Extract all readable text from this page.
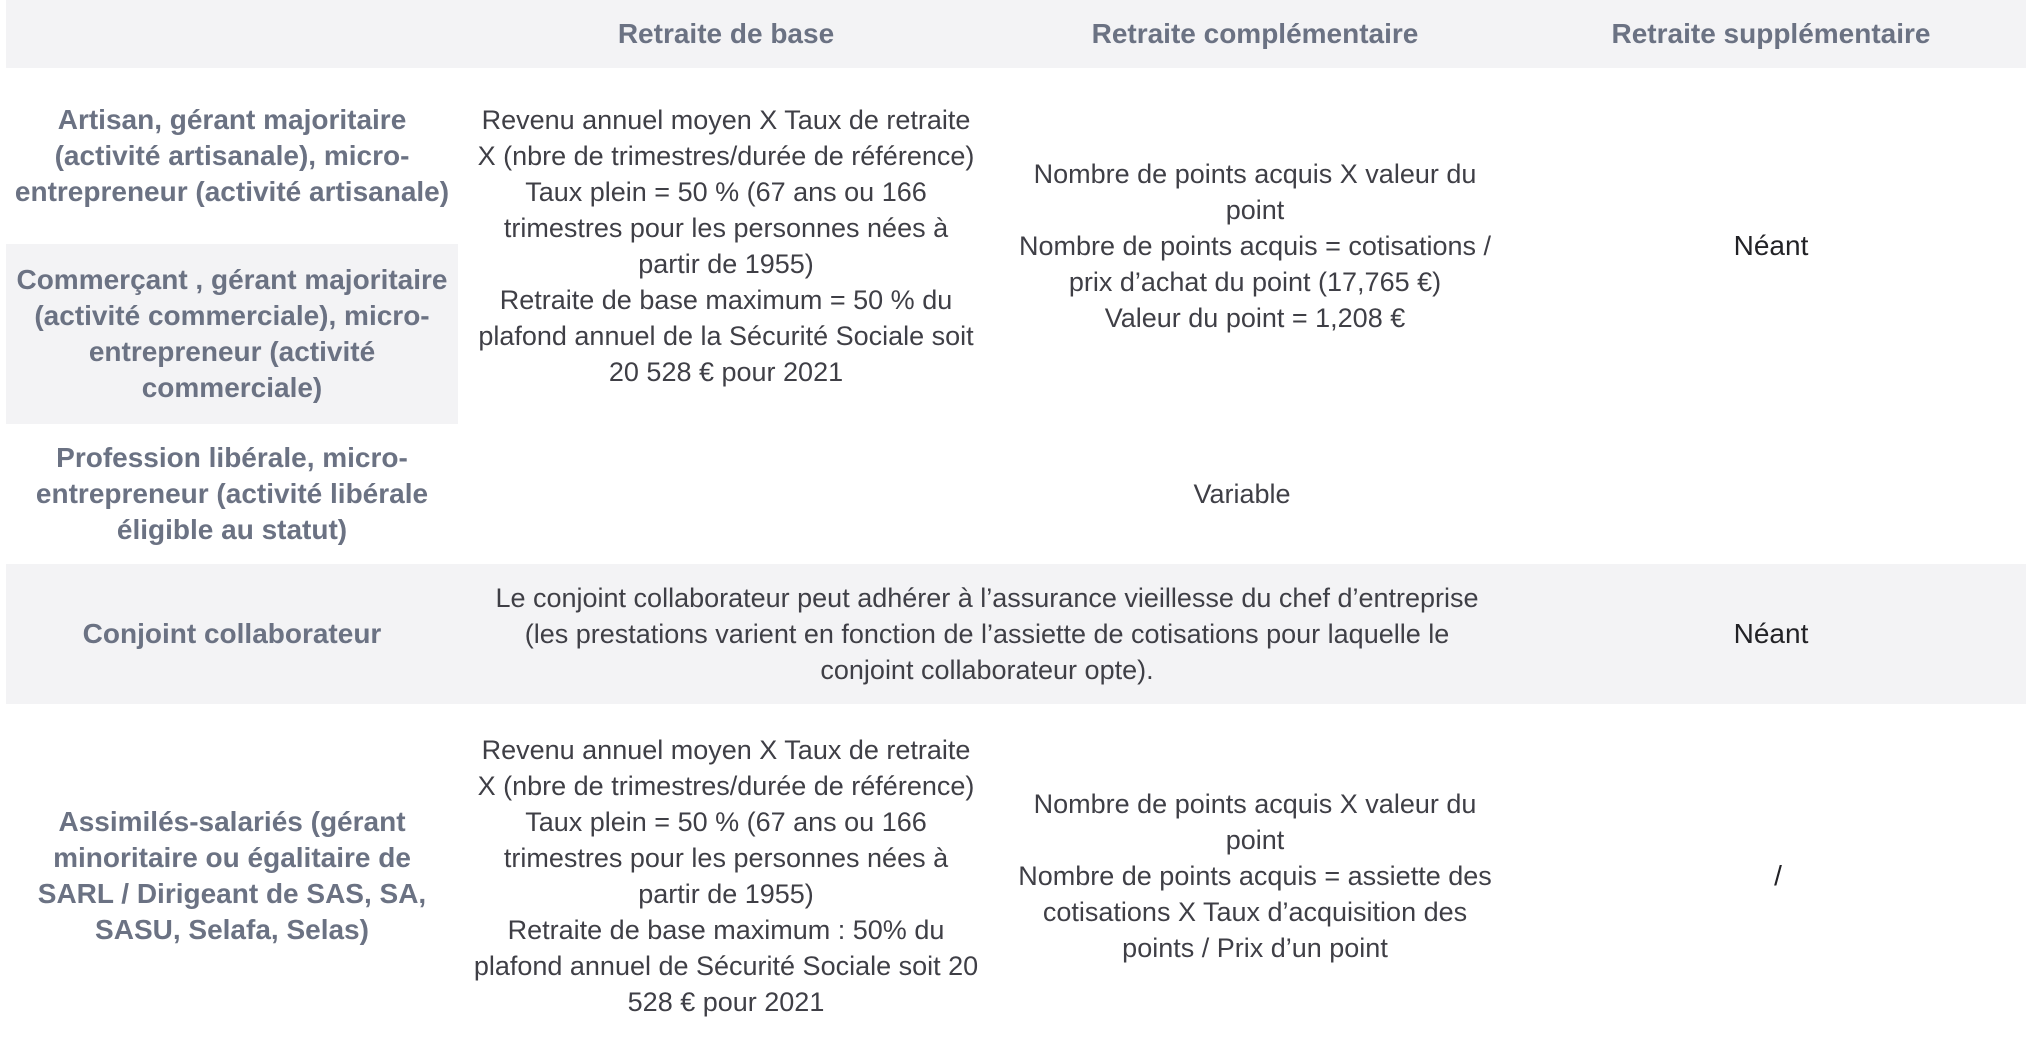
Retraite de base	Retraite complémentaire	Retraite supplémentaire
Artisan, gérant majoritaire (activité artisanale), micro-entrepreneur (activité artisanale)
Commerçant , gérant majoritaire (activité commerciale), micro-entrepreneur (activité commerciale)
Profession libérale, micro-entrepreneur (activité libérale éligible au statut)
Conjoint collaborateur
Assimilés-salariés (gérant minoritaire ou égalitaire de SARL / Dirigeant de SAS, SA, SASU, Selafa, Selas)
Revenu annuel moyen X Taux de retraite X (nbre de trimestres/durée de référence)
Taux plein = 50 % (67 ans ou 166 trimestres pour les personnes nées à partir de 1955)
Retraite de base maximum = 50 % du plafond annuel de la Sécurité Sociale soit 20 528 € pour 2021
Nombre de points acquis X valeur du point
Nombre de points acquis = cotisations / prix d’achat du point (17,765 €)
Valeur du point = 1,208 €
Néant
Variable
Le conjoint collaborateur peut adhérer à l’assurance vieillesse du chef d’entreprise (les prestations varient en fonction de l’assiette de cotisations pour laquelle le conjoint collaborateur opte).
Néant
Revenu annuel moyen X Taux de retraite X (nbre de trimestres/durée de référence)
Taux plein = 50 % (67 ans ou 166 trimestres pour les personnes nées à partir de 1955)
Retraite de base maximum : 50% du plafond annuel de Sécurité Sociale soit 20 528 € pour 2021
Nombre de points acquis X valeur du point
Nombre de points acquis = assiette des cotisations X Taux d’acquisition des points / Prix d’un point
/
